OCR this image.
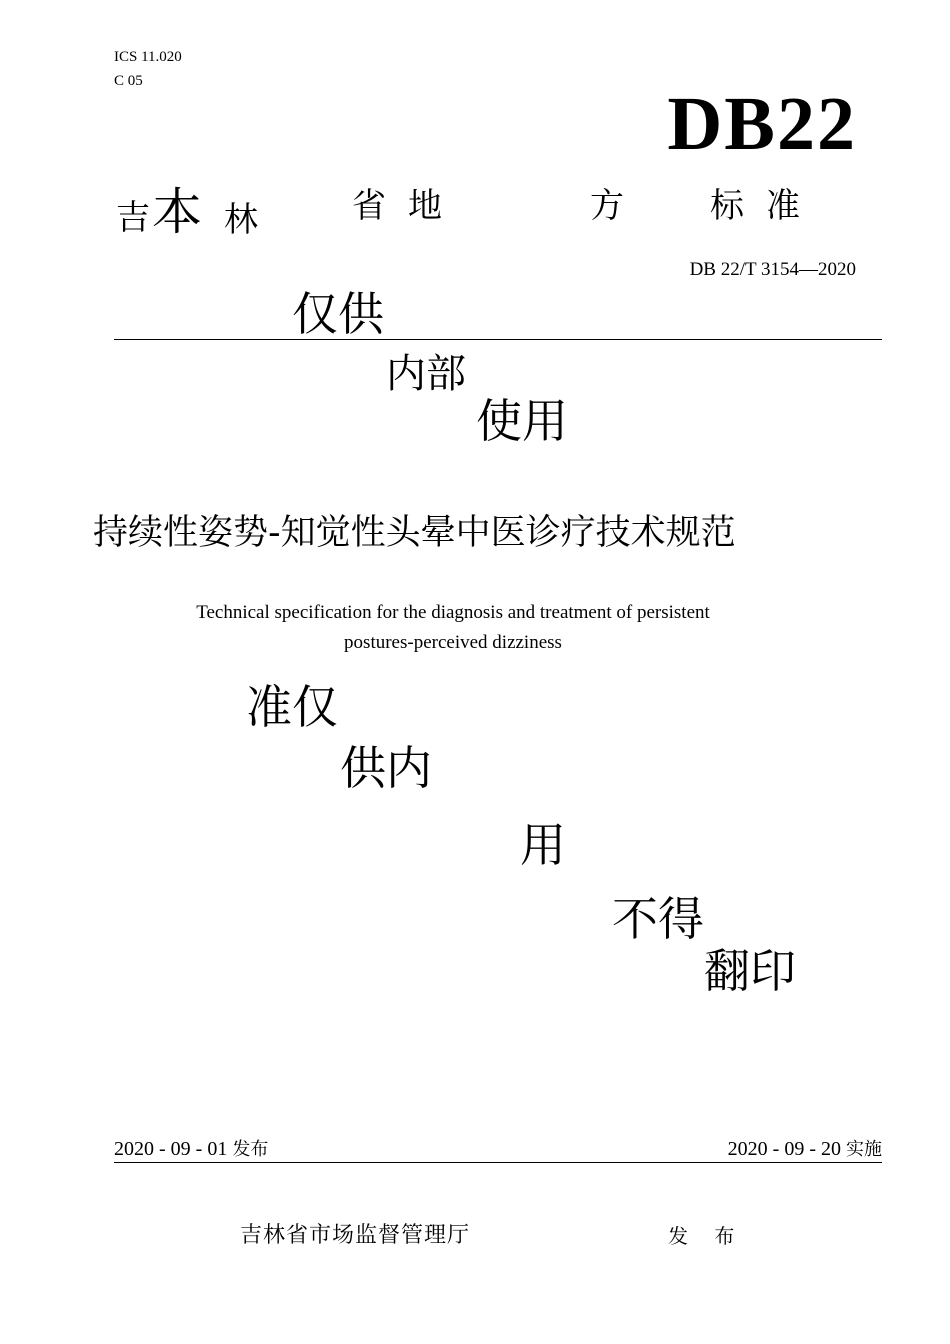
ICS 11.020
C 05
DB22
吉 本 林	省 地	方	标 准
DB 22/T 3154—2020
仅供
内部
使用
持续性姿势-知觉性头晕中医诊疗技术规范
Technical specification for the diagnosis and treatment of persistent
postures-perceived dizziness
准仅
供内
用
不得
翻印
2020 - 09 - 01 发布	2020 - 09 - 20 实施
吉林省市场监督管理厅	发 布
